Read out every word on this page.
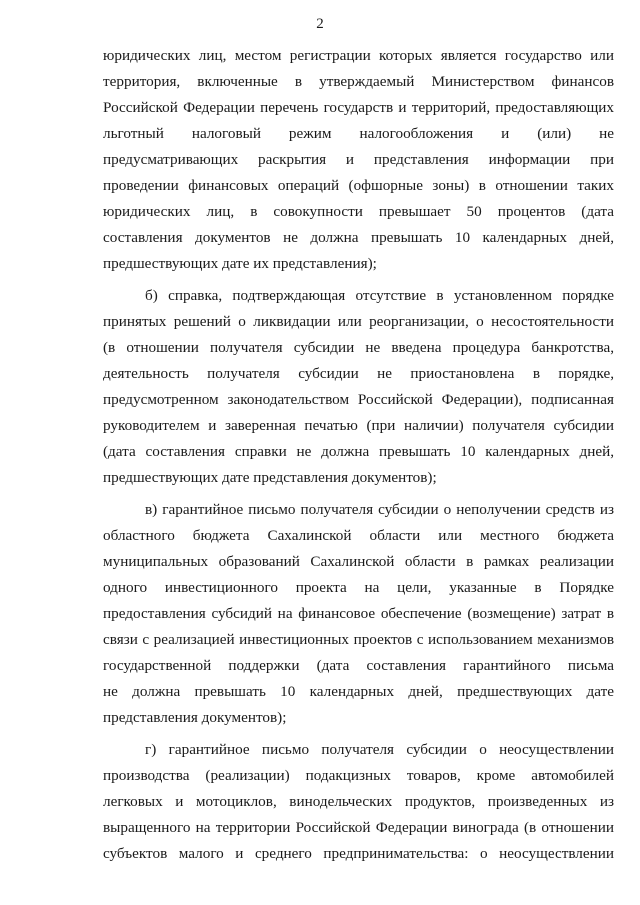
2
юридических лиц, местом регистрации которых является государство или
территория, включенные в утверждаемый Министерством финансов
Российской Федерации перечень государств и территорий, предоставляющих
льготный налоговый режим налогообложения и (или) не
предусматривающих раскрытия и представления информации при
проведении финансовых операций (офшорные зоны) в отношении таких
юридических лиц, в совокупности превышает 50 процентов (дата
составления документов не должна превышать 10 календарных дней,
предшествующих дате их представления);
б) справка, подтверждающая отсутствие в установленном порядке
принятых решений о ликвидации или реорганизации, о несостоятельности
(в отношении получателя субсидии не введена процедура банкротства,
деятельность получателя субсидии не приостановлена в порядке,
предусмотренном законодательством Российской Федерации), подписанная
руководителем и заверенная печатью (при наличии) получателя субсидии
(дата составления справки не должна превышать 10 календарных дней,
предшествующих дате представления документов);
в) гарантийное письмо получателя субсидии о неполучении средств из
областного бюджета Сахалинской области или местного бюджета
муниципальных образований Сахалинской области в рамках реализации
одного инвестиционного проекта на цели, указанные в Порядке
предоставления субсидий на финансовое обеспечение (возмещение) затрат в
связи с реализацией инвестиционных проектов с использованием механизмов
государственной поддержки (дата составления гарантийного письма
не должна превышать 10 календарных дней, предшествующих дате
представления документов);
г) гарантийное письмо получателя субсидии о неосуществлении
производства (реализации) подакцизных товаров, кроме автомобилей
легковых и мотоциклов, винодельческих продуктов, произведенных из
выращенного на территории Российской Федерации винограда (в отношении
субъектов малого и среднего предпринимательства: о неосуществлении
